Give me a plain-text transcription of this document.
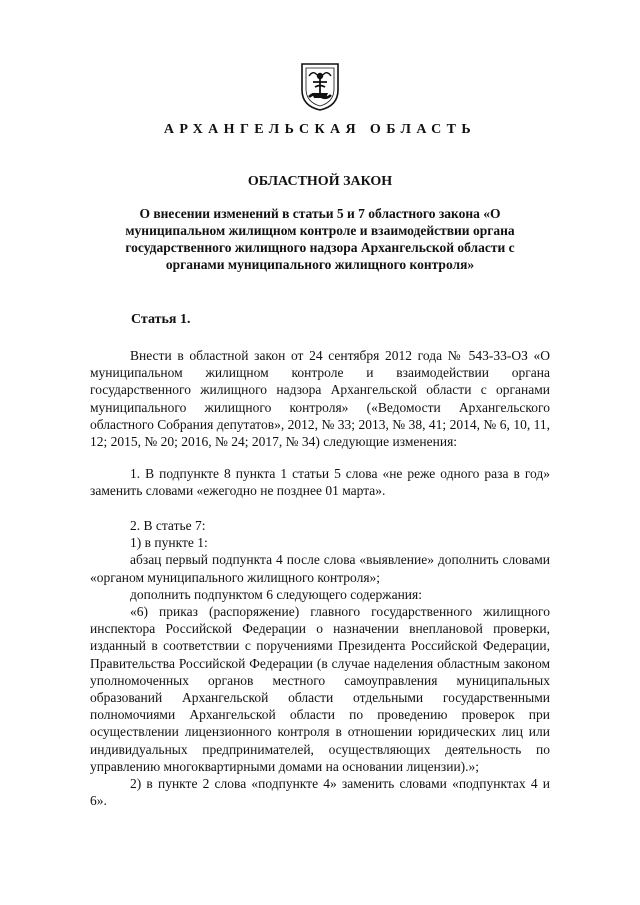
АРХАНГЕЛЬСКАЯ ОБЛАСТЬ
ОБЛАСТНОЙ ЗАКОН
О внесении изменений в статьи 5 и 7 областного закона «О муниципальном жилищном контроле и взаимодействии органа государственного жилищного надзора Архангельской области с органами муниципального жилищного контроля»
Статья 1.
Внести в областной закон от 24 сентября 2012 года № 543-33-ОЗ «О муниципальном жилищном контроле и взаимодействии органа государственного жилищного надзора Архангельской области с органами муниципального жилищного контроля» («Ведомости Архангельского областного Собрания депутатов», 2012, № 33; 2013, № 38, 41; 2014, № 6, 10, 11, 12; 2015, № 20; 2016, № 24; 2017, № 34) следующие изменения:
1. В подпункте 8 пункта 1 статьи 5 слова «не реже одного раза в год» заменить словами «ежегодно не позднее 01 марта».
2. В статье 7:
1) в пункте 1:
абзац первый подпункта 4 после слова «выявление» дополнить словами «органом муниципального жилищного контроля»;
дополнить подпунктом 6 следующего содержания:
«6) приказ (распоряжение) главного государственного жилищного инспектора Российской Федерации о назначении внеплановой проверки, изданный в соответствии с поручениями Президента Российской Федерации, Правительства Российской Федерации (в случае наделения областным законом уполномоченных органов местного самоуправления муниципальных образований Архангельской области отдельными государственными полномочиями Архангельской области по проведению проверок при осуществлении лицензионного контроля в отношении юридических лиц или индивидуальных предпринимателей, осуществляющих деятельность по управлению многоквартирными домами на основании лицензии).»;
2) в пункте 2 слова «подпункте 4» заменить словами «подпунктах 4 и 6».
